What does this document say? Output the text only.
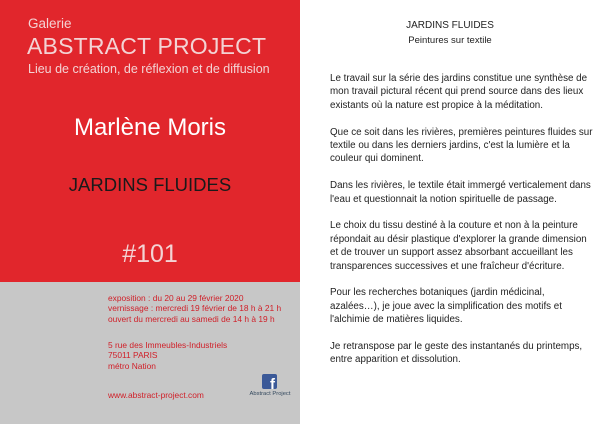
Galerie
ABSTRACT PROJECT
Lieu de création, de réflexion et de diffusion
Marlène Moris
JARDINS FLUIDES
#101
exposition : du 20 au 29 février 2020
vernissage : mercredi 19 février de 18 h à 21 h
ouvert du mercredi au samedi de 14 h à 19 h
5 rue des Immeubles-Industriels
75011 PARIS
métro Nation
www.abstract-project.com
f
Abstract Project
JARDINS FLUIDES
Peintures sur textile

Le travail sur la série des jardins constitue une synthèse de mon travail pictural récent qui prend source dans des lieux existants où la nature est propice à la méditation.

Que ce soit dans les rivières, premières peintures fluides sur textile ou dans les derniers jardins, c'est la lumière et la couleur qui dominent.

Dans les rivières, le textile était immergé verticalement dans l'eau et questionnait la notion spirituelle de passage.

Le choix du tissu destiné à la couture et non à la peinture répondait au désir plastique d'explorer la grande dimension et de trouver un support assez absorbant accueillant les transparences successives et une fraîcheur d'écriture.

Pour les recherches botaniques (jardin médicinal, azalées…), je joue avec la simplification des motifs et l'alchimie de matières liquides.

Je retranspose par le geste des instantanés du printemps, entre apparition et dissolution.
